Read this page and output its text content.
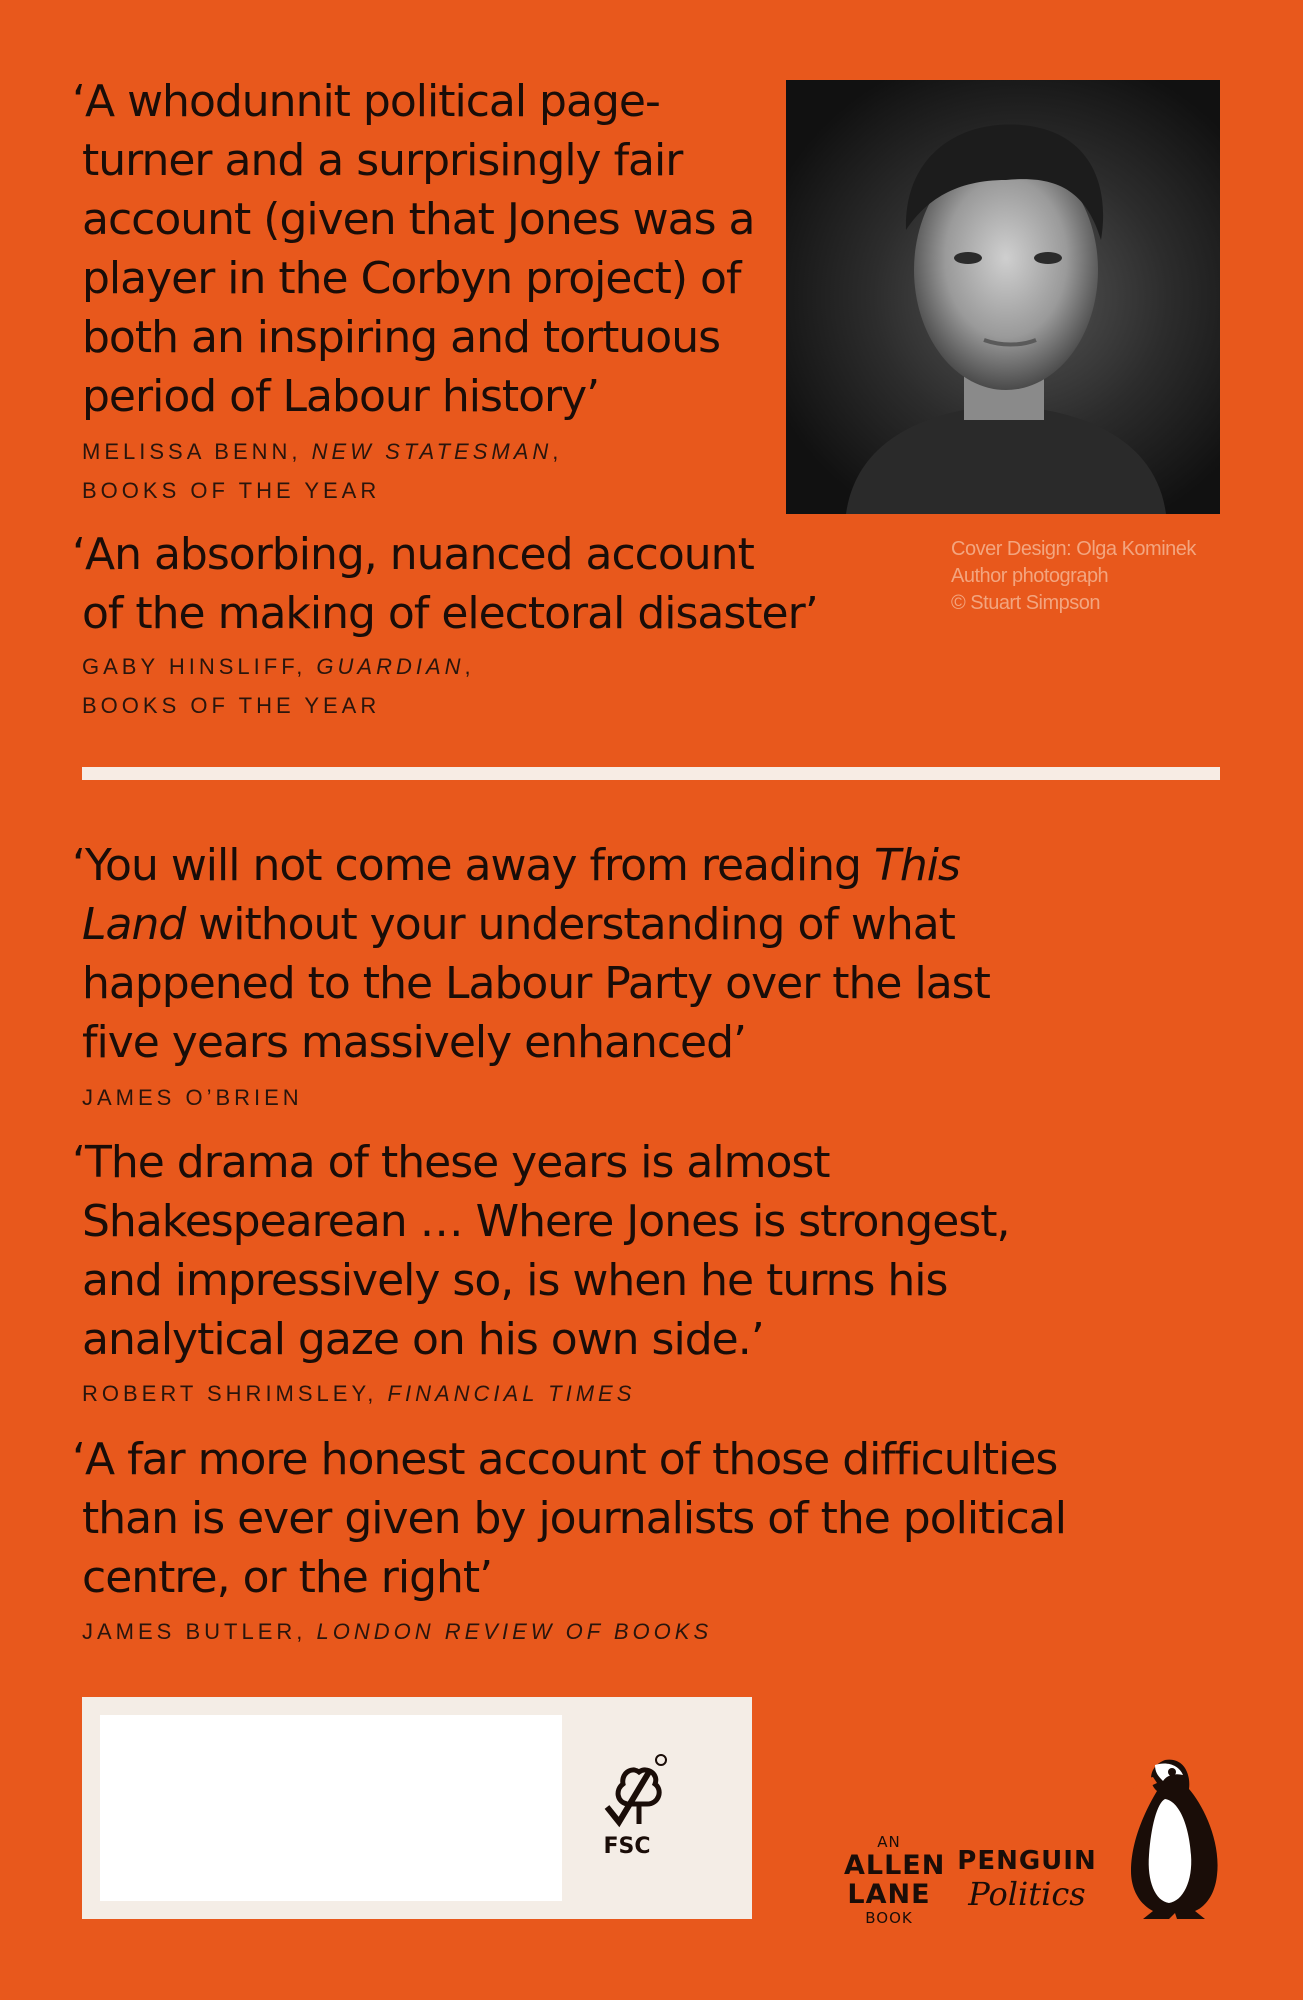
‘A whodunnit political page-
turner and a surprisingly fair
account (given that Jones was a
player in the Corbyn project) of
both an inspiring and tortuous
period of Labour history’

MELISSA BENN, NEW STATESMAN,
BOOKS OF THE YEAR

‘An absorbing, nuanced account
of the making of electoral disaster’

GABY HINSLIFF, GUARDIAN,
BOOKS OF THE YEAR

Cover Design: Olga Kominek
Author photograph
© Stuart Simpson

‘You will not come away from reading This
Land without your understanding of what
happened to the Labour Party over the last
five years massively enhanced’

JAMES O’BRIEN

‘The drama of these years is almost
Shakespearean … Where Jones is strongest,
and impressively so, is when he turns his
analytical gaze on his own side.’

ROBERT SHRIMSLEY, FINANCIAL TIMES

‘A far more honest account of those difficulties
than is ever given by journalists of the political
centre, or the right’

JAMES BUTLER, LONDON REVIEW OF BOOKS

FSC	AN
ALLEN
LANE
BOOK
PENGUIN
Politics
